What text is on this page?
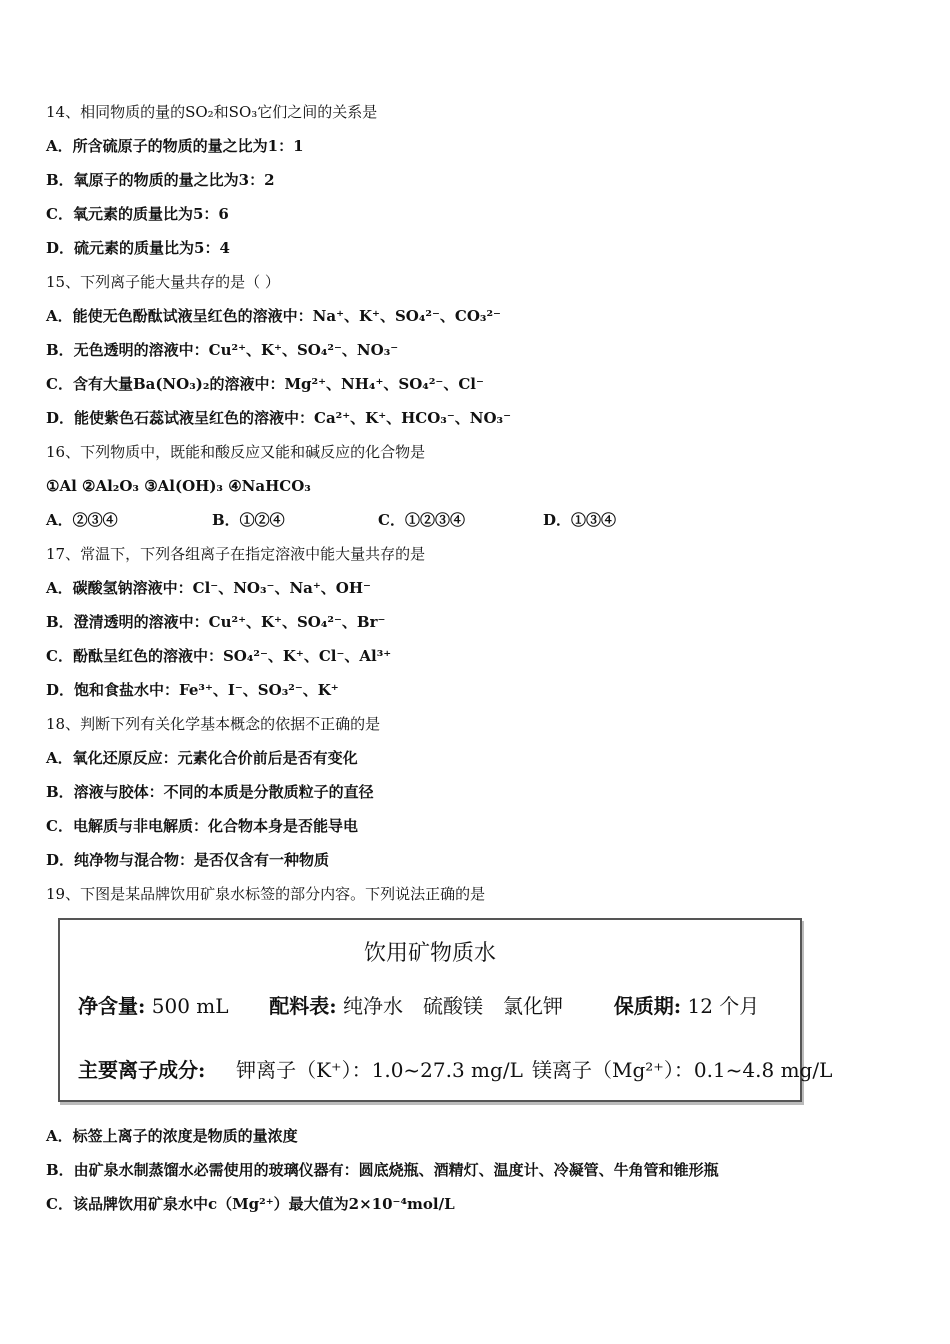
14、相同物质的量的SO₂和SO₃它们之间的关系是
A．所含硫原子的物质的量之比为1：1
B．氧原子的物质的量之比为3：2
C．氧元素的质量比为5：6
D．硫元素的质量比为5：4
15、下列离子能大量共存的是（ ）
A．能使无色酚酞试液呈红色的溶液中：Na⁺、K⁺、SO₄²⁻、CO₃²⁻
B．无色透明的溶液中：Cu²⁺、K⁺、SO₄²⁻、NO₃⁻
C．含有大量Ba(NO₃)₂的溶液中：Mg²⁺、NH₄⁺、SO₄²⁻、Cl⁻
D．能使紫色石蕊试液呈红色的溶液中：Ca²⁺、K⁺、HCO₃⁻、NO₃⁻
16、下列物质中，既能和酸反应又能和碱反应的化合物是
①Al ②Al₂O₃ ③Al(OH)₃ ④NaHCO₃
A．②③④	B．①②④	C．①②③④	D．①③④
17、常温下，下列各组离子在指定溶液中能大量共存的是
A．碳酸氢钠溶液中：Cl⁻、NO₃⁻、Na⁺、OH⁻
B．澄清透明的溶液中：Cu²⁺、K⁺、SO₄²⁻、Br⁻
C．酚酞呈红色的溶液中：SO₄²⁻、K⁺、Cl⁻、Al³⁺
D．饱和食盐水中：Fe³⁺、I⁻、SO₃²⁻、K⁺
18、判断下列有关化学基本概念的依据不正确的是
A．氧化还原反应：元素化合价前后是否有变化
B．溶液与胶体：不同的本质是分散质粒子的直径
C．电解质与非电解质：化合物本身是否能导电
D．纯净物与混合物：是否仅含有一种物质
19、下图是某品牌饮用矿泉水标签的部分内容。下列说法正确的是
饮用矿物质水
净含量: 500 mL 配料表: 纯净水　硫酸镁　氯化钾	保质期: 12 个月
主要离子成分: 钾离子（K⁺）：1.0~27.3 mg/L 镁离子（Mg²⁺）：0.1~4.8 mg/L
A．标签上离子的浓度是物质的量浓度
B．由矿泉水制蒸馏水必需使用的玻璃仪器有：圆底烧瓶、酒精灯、温度计、冷凝管、牛角管和锥形瓶
C．该品牌饮用矿泉水中c（Mg²⁺）最大值为2×10⁻⁴mol/L
